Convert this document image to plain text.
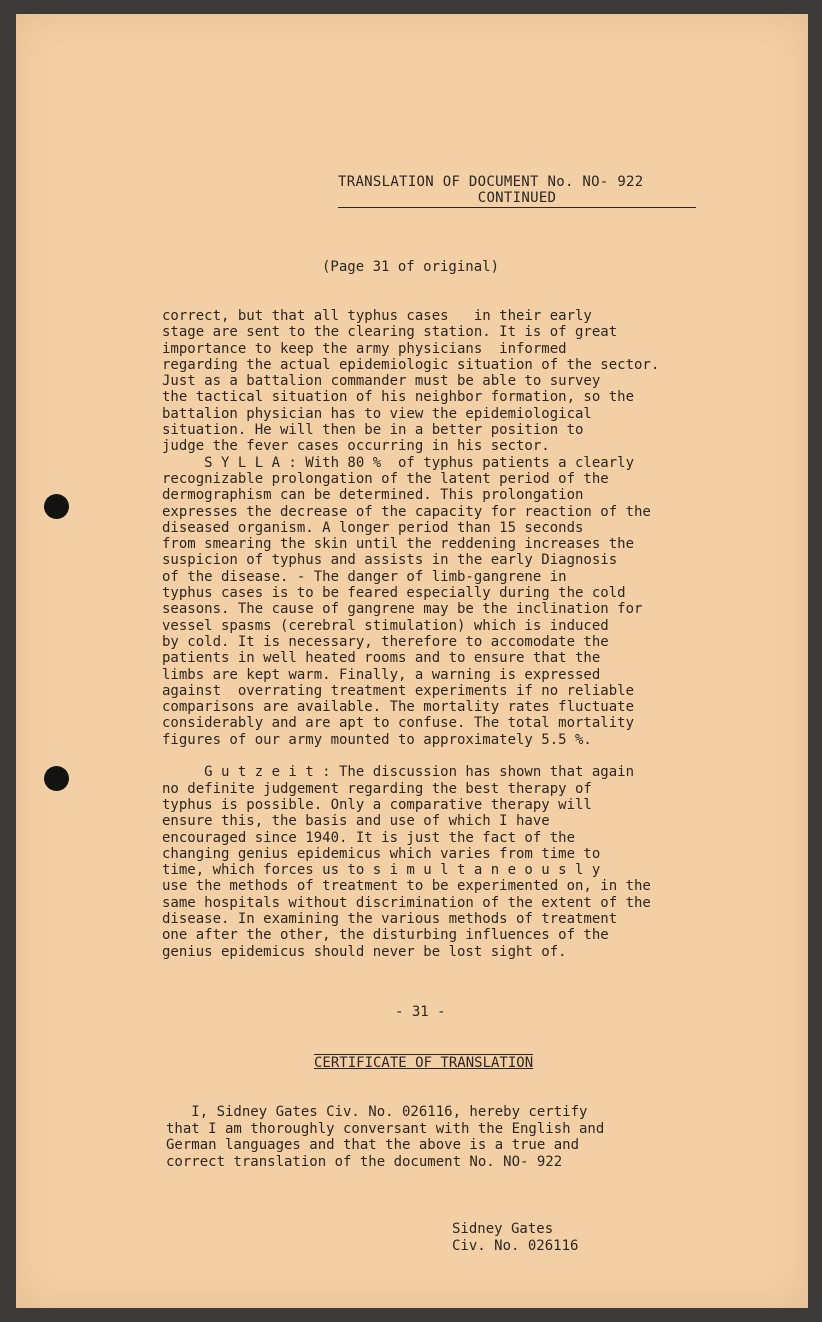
TRANSLATION OF DOCUMENT No. NO- 922
CONTINUED
(Page 31 of original)
correct, but that all typhus cases   in their early
stage are sent to the clearing station. It is of great
importance to keep the army physicians  informed
regarding the actual epidemiologic situation of the sector.
Just as a battalion commander must be able to survey
the tactical situation of his neighbor formation, so the
battalion physician has to view the epidemiological
situation. He will then be in a better position to
judge the fever cases occurring in his sector.
S Y L L A : With 80 %  of typhus patients a clearly
recognizable prolongation of the latent period of the
dermographism can be determined. This prolongation
expresses the decrease of the capacity for reaction of the
diseased organism. A longer period than 15 seconds
from smearing the skin until the reddening increases the
suspicion of typhus and assists in the early Diagnosis
of the disease. - The danger of limb-gangrene in
typhus cases is to be feared especially during the cold
seasons. The cause of gangrene may be the inclination for
vessel spasms (cerebral stimulation) which is induced
by cold. It is necessary, therefore to accomodate the
patients in well heated rooms and to ensure that the
limbs are kept warm. Finally, a warning is expressed
against  overrating treatment experiments if no reliable
comparisons are available. The mortality rates fluctuate
considerably and are apt to confuse. The total mortality
figures of our army mounted to approximately 5.5 %.

G u t z e i t : The discussion has shown that again
no definite judgement regarding the best therapy of
typhus is possible. Only a comparative therapy will
ensure this, the basis and use of which I have
encouraged since 1940. It is just the fact of the
changing genius epidemicus which varies from time to
time, which forces us to s i m u l t a n e o u s l y
use the methods of treatment to be experimented on, in the
same hospitals without discrimination of the extent of the
disease. In examining the various methods of treatment
one after the other, the disturbing influences of the
genius epidemicus should never be lost sight of.
- 31 -
CERTIFICATE OF TRANSLATION
I, Sidney Gates Civ. No. 026116, hereby certify
that I am thoroughly conversant with the English and
German languages and that the above is a true and
correct translation of the document No. NO- 922
Sidney Gates
Civ. No. 026116
